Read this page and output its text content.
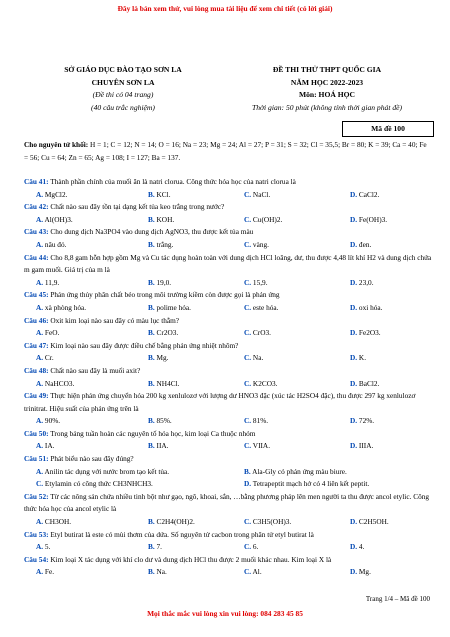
Đây là bản xem thử, vui lòng mua tài liệu để xem chi tiết (có lời giải)
SỞ GIÁO DỤC ĐÀO TẠO SƠN LA
CHUYÊN SƠN LA
(Đề thi có 04 trang)
(40 câu trắc nghiệm)
ĐỀ THI THỬ THPT QUỐC GIA
NĂM HỌC 2022-2023
Môn: HOÁ HỌC
Thời gian: 50 phút (không tính thời gian phát đề)
Mã đề 100
Cho nguyên tử khối: H = 1; C = 12; N = 14; O = 16; Na = 23; Mg = 24; Al = 27; P = 31; S = 32; Cl = 35,5; Br = 80; K = 39; Ca = 40; Fe = 56; Cu = 64; Zn = 65; Ag = 108; I = 127; Ba = 137.
Câu 41: Thành phần chính của muối ăn là natri clorua. Công thức hóa học của natri clorua là
A. MgCl2.	B. KCl.	C. NaCl.	D. CaCl2.
Câu 42: Chất nào sau đây tồn tại dạng kết tủa keo trắng trong nước?
A. Al(OH)3.	B. KOH.	C. Cu(OH)2.	D. Fe(OH)3.
Câu 43: Cho dung dịch Na3PO4 vào dung dịch AgNO3, thu được kết tủa màu
A. nâu đỏ.	B. trắng.	C. vàng.	D. đen.
Câu 44: Cho 8,8 gam hỗn hợp gồm Mg và Cu tác dụng hoàn toàn với dung dịch HCl loãng, dư, thu được 4,48 lít khí H2 và dung dịch chứa m gam muối. Giá trị của m là
A. 11,9.	B. 19,0.	C. 15,9.	D. 23,0.
Câu 45: Phản ứng thủy phân chất béo trong môi trường kiềm còn được gọi là phản ứng
A. xà phòng hóa.	B. polime hóa.	C. este hóa.	D. oxi hóa.
Câu 46: Oxit kim loại nào sau đây có màu lục thẫm?
A. FeO.	B. Cr2O3.	C. CrO3.	D. Fe2O3.
Câu 47: Kim loại nào sau đây được điều chế bằng phản ứng nhiệt nhôm?
A. Cr.	B. Mg.	C. Na.	D. K.
Câu 48: Chất nào sau đây là muối axit?
A. NaHCO3.	B. NH4Cl.	C. K2CO3.	D. BaCl2.
Câu 49: Thực hiện phản ứng chuyển hóa 200 kg xenlulozơ với lượng dư HNO3 đặc (xúc tác H2SO4 đặc), thu được 297 kg xenlulozơ trinitrat. Hiệu suất của phản ứng trên là
A. 90%.	B. 85%.	C. 81%.	D. 72%.
Câu 50: Trong bảng tuần hoàn các nguyên tố hóa học, kim loại Ca thuộc nhóm
A. IA.	B. IIA.	C. VIIA.	D. IIIA.
Câu 51: Phát biểu nào sau đây đúng?
A. Anilin tác dụng với nước brom tạo kết tủa.	B. Ala-Gly có phản ứng màu biure.
C. Etylamin có công thức CH3NHCH3.	D. Tetrapeptit mạch hở có 4 liên kết peptit.
Câu 52: Từ các nông sản chứa nhiều tinh bột như gạo, ngô, khoai, sắn, …bằng phương pháp lên men người ta thu được ancol etylic. Công thức hóa học của ancol etylic là
A. CH3OH.	B. C2H4(OH)2.	C. C3H5(OH)3.	D. C2H5OH.
Câu 53: Etyl butirat là este có mùi thơm của dứa. Số nguyên tử cacbon trong phân tử etyl butirat là
A. 5.	B. 7.	C. 6.	D. 4.
Câu 54: Kim loại X tác dụng với khí clo dư và dung dịch HCl thu được 2 muối khác nhau. Kim loại X là
A. Fe.	B. Na.	C. Al.	D. Mg.
Trang 1/4 – Mã đề 100
Mọi thắc mắc vui lòng xin vui lòng: 084 283 45 85
